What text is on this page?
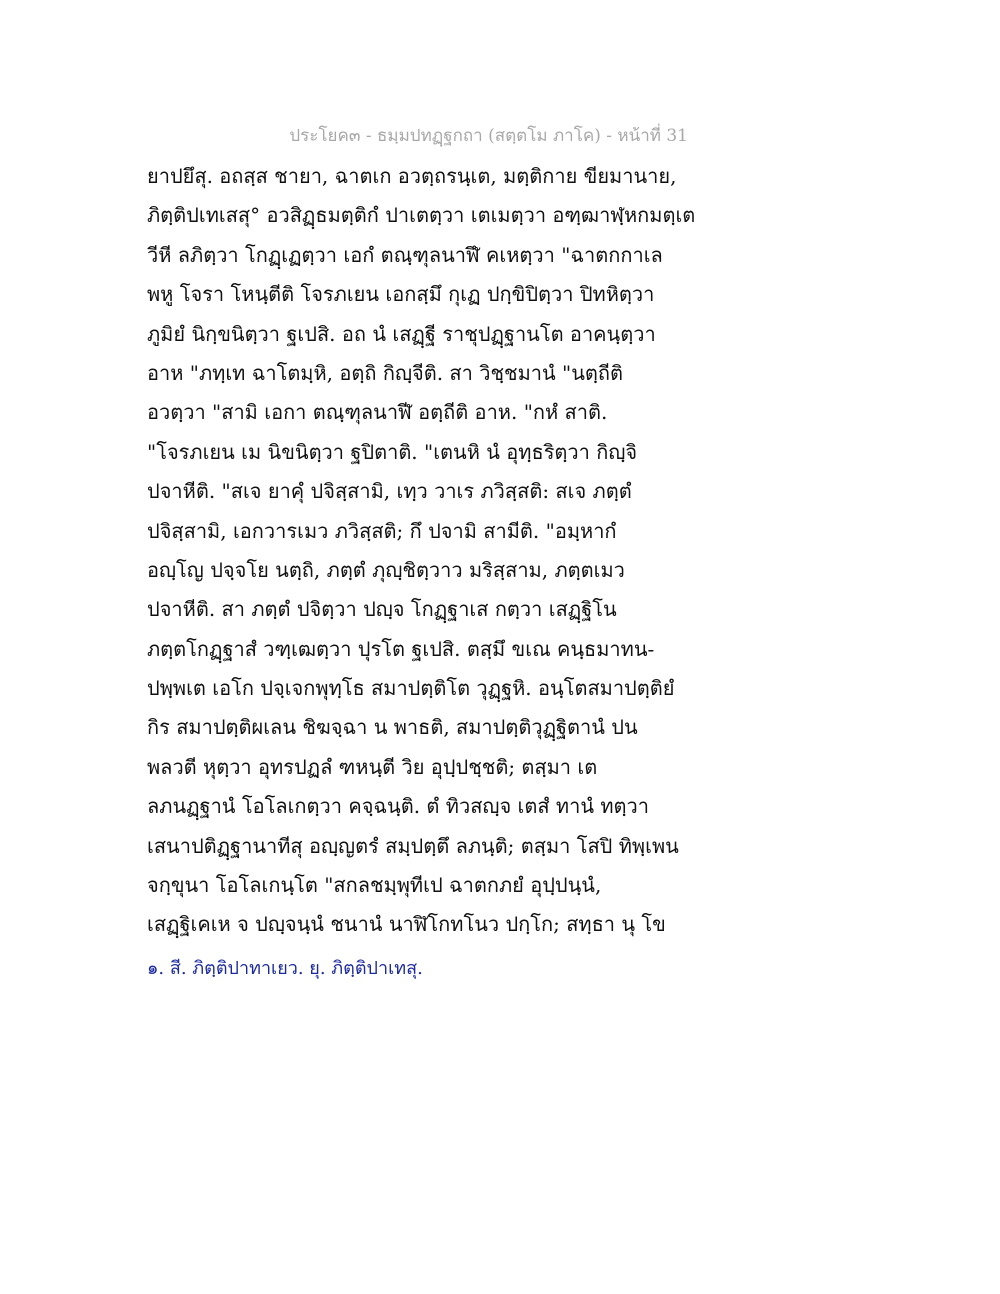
ประโยค๓ - ธมฺมปทฏฺฐกถา (สตฺตโม ภาโค) - หน้าที่ 31
ยาปยึสุ. อถสฺส ชายา, ฉาตเก อวตฺถรนฺเต, มตฺติกาย ขียมานาย,
ภิตฺติปเทเสสุ° อวสิฏฺธมตฺติกํ ปาเตตฺวา เตเมตฺวา อฑฺฒาฬฺหกมตฺเต
วีหี ลภิตฺวา โกฏฺเฏตฺวา เอกํ ตณฺฑุลนาฬึ คเหตฺวา "ฉาตกกาเล
พหู โจรา โหนฺตีติ โจรภเยน เอกสฺมึ กุเฏ ปกฺขิปิตฺวา ปิทหิตฺวา
ภูมิยํ นิกฺขนิตฺวา ฐเปสิ. อถ นํ เสฏฺฐี ราชุปฏฺฐานโต อาคนฺตฺวา
อาห "ภทฺเท ฉาโตมฺหิ, อตฺถิ กิญฺจีติ. สา วิชฺชมานํ "นตฺถีติ
อวตฺวา "สามิ เอกา ตณฺฑุลนาฬี อตฺถีติ อาห. "กหํ สาติ.
"โจรภเยน เม นิขนิตฺวา ฐปิตาติ. "เตนหิ นํ อุทฺธริตฺวา กิญฺจิ
ปจาหีติ. "สเจ ยาคุํ ปจิสฺสามิ, เทฺว วาเร ภวิสฺสติ: สเจ ภตฺตํ
ปจิสฺสามิ, เอกวารเมว ภวิสฺสติ; กึ ปจามิ สามีติ. "อมฺหากํ
อญฺโญ ปจฺจโย นตฺถิ, ภตฺตํ ภุญฺชิตฺวาว มริสฺสาม, ภตฺตเมว
ปจาหีติ. สา ภตฺตํ ปจิตฺวา ปญฺจ โกฏฺฐาเส กตฺวา เสฏฺฐิโน
ภตฺตโกฏฺฐาสํ วฑฺเฒตฺวา ปุรโต ฐเปสิ. ตสฺมึ ขเณ คนฺธมาทน-
ปพฺพเต เอโก ปจฺเจกพุทฺโธ สมาปตฺติโต วุฏฺฐหิ. อนฺโตสมาปตฺติยํ
กิร สมาปตฺติผเลน ชิฆจฺฉา น พาธติ, สมาปตฺติวุฏฺฐิตานํ ปน
พลวตี หุตฺวา อุทรปฏลํ ฑหนฺตี วิย อุปฺปชฺชติ; ตสฺมา เต
ลภนฏฺฐานํ โอโลเกตฺวา คจฺฉนฺติ. ตํ ทิวสญฺจ เตสํ ทานํ ทตฺวา
เสนาปติฏฺฐานาทีสุ อญฺญตรํ สมฺปตฺตึ ลภนฺติ; ตสฺมา โสปิ ทิพฺเพน
จกฺขุนา โอโลเกนฺโต "สกลชมฺพุทีเป ฉาตกภยํ อุปฺปนฺนํ,
เสฏฺฐิเคเห จ ปญฺจนฺนํ ชนานํ นาฬิโกทโนว ปกฺโก; สทฺธา นุ โข
๑. สี. ภิตฺติปาทาเยว. ยุ. ภิตฺติปาเทสุ.
